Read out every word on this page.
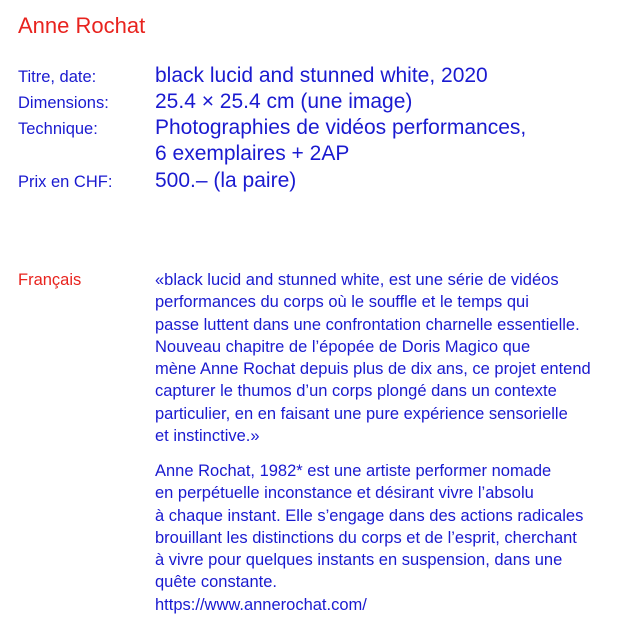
Anne Rochat
Titre, date:	black lucid and stunned white, 2020
Dimensions: 25.4 × 25.4 cm (une image)
Technique:	Photographies de vidéos performances,
6 exemplaires + 2AP
Prix en CHF: 500.– (la paire)
Français	«black lucid and stunned white, est une série de vidéos
performances du corps où le souffle et le temps qui
passe luttent dans une confrontation charnelle essentielle.
Nouveau chapitre de l’épopée de Doris Magico que
mène Anne Rochat depuis plus de dix ans, ce projet entend
capturer le thumos d’un corps plongé dans un contexte
particulier, en en faisant une pure expérience sensorielle
et instinctive.»
Anne Rochat, 1982* est une artiste performer nomade
en perpétuelle inconstance et désirant vivre l’absolu
à chaque instant. Elle s’engage dans des actions radicales
brouillant les distinctions du corps et de l’esprit, cherchant
à vivre pour quelques instants en suspension, dans une
quête constante.
https://www.annerochat.com/
